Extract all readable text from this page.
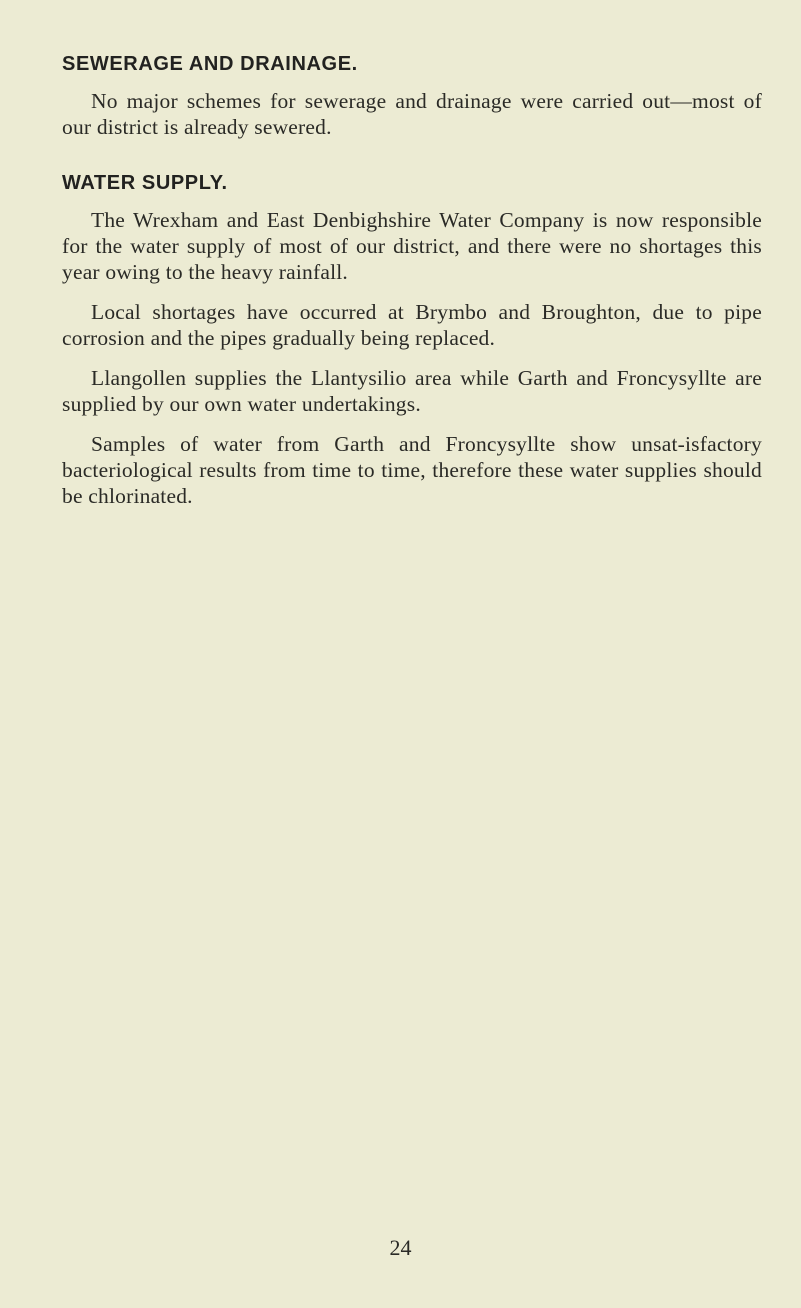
SEWERAGE AND DRAINAGE.

No major schemes for sewerage and drainage were carried out—most of our district is already sewered.

WATER SUPPLY.

The Wrexham and East Denbighshire Water Company is now responsible for the water supply of most of our district, and there were no shortages this year owing to the heavy rainfall.

Local shortages have occurred at Brymbo and Broughton, due to pipe corrosion and the pipes gradually being replaced.

Llangollen supplies the Llantysilio area while Garth and Froncysyllte are supplied by our own water undertakings.

Samples of water from Garth and Froncysyllte show unsat-isfactory bacteriological results from time to time, therefore these water supplies should be chlorinated.

24
